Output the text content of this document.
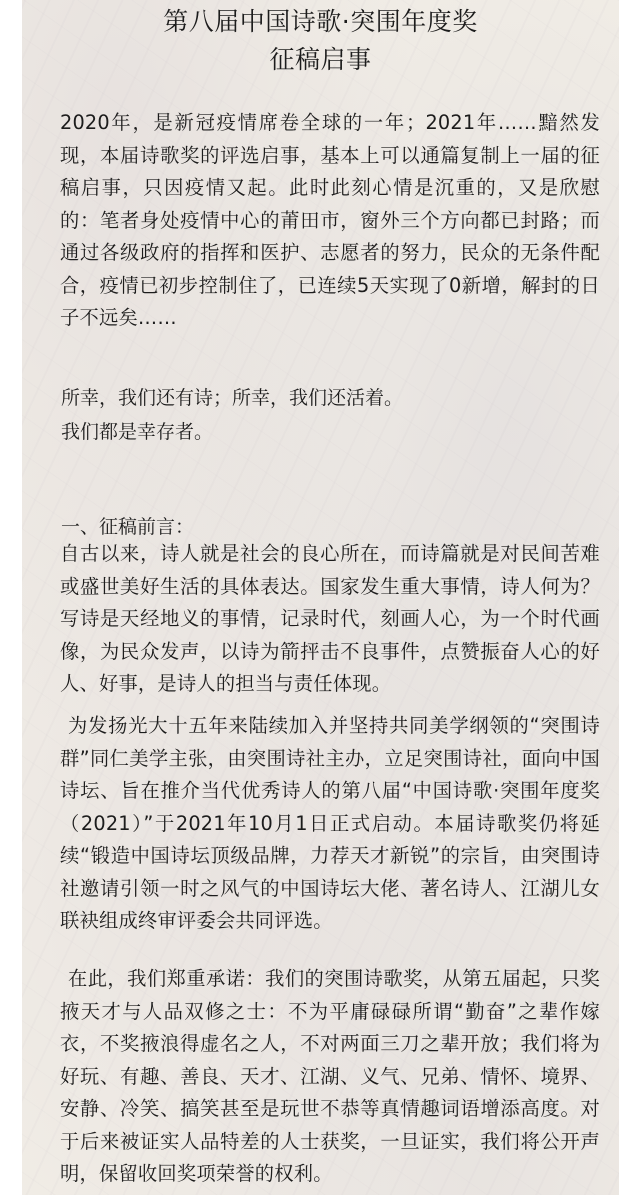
第八届中国诗歌·突围年度奖
征稿启事

2020年，是新冠疫情席卷全球的一年；2021年……黯然发现，本届诗歌奖的评选启事，基本上可以通篇复制上一届的征稿启事，只因疫情又起。此时此刻心情是沉重的，又是欣慰的：笔者身处疫情中心的莆田市，窗外三个方向都已封路；而通过各级政府的指挥和医护、志愿者的努力，民众的无条件配合，疫情已初步控制住了，已连续5天实现了0新增，解封的日子不远矣……

所幸，我们还有诗；所幸，我们还活着。

我们都是幸存者。

一、征稿前言：

自古以来，诗人就是社会的良心所在，而诗篇就是对民间苦难或盛世美好生活的具体表达。国家发生重大事情，诗人何为？写诗是天经地义的事情，记录时代，刻画人心，为一个时代画像，为民众发声，以诗为箭抨击不良事件，点赞振奋人心的好人、好事，是诗人的担当与责任体现。

为发扬光大十五年来陆续加入并坚持共同美学纲领的“突围诗群”同仁美学主张，由突围诗社主办，立足突围诗社，面向中国诗坛、旨在推介当代优秀诗人的第八届“中国诗歌·突围年度奖（2021）”于2021年10月1日正式启动。本届诗歌奖仍将延续“锻造中国诗坛顶级品牌，力荐天才新锐”的宗旨，由突围诗社邀请引领一时之风气的中国诗坛大佬、著名诗人、江湖儿女联袂组成终审评委会共同评选。

在此，我们郑重承诺：我们的突围诗歌奖，从第五届起，只奖掖天才与人品双修之士：不为平庸碌碌所谓“勤奋”之辈作嫁衣，不奖掖浪得虚名之人，不对两面三刀之辈开放；我们将为好玩、有趣、善良、天才、江湖、义气、兄弟、情怀、境界、安静、冷笑、搞笑甚至是玩世不恭等真情趣词语增添高度。对于后来被证实人品特差的人士获奖，一旦证实，我们将公开声明，保留收回奖项荣誉的权利。
